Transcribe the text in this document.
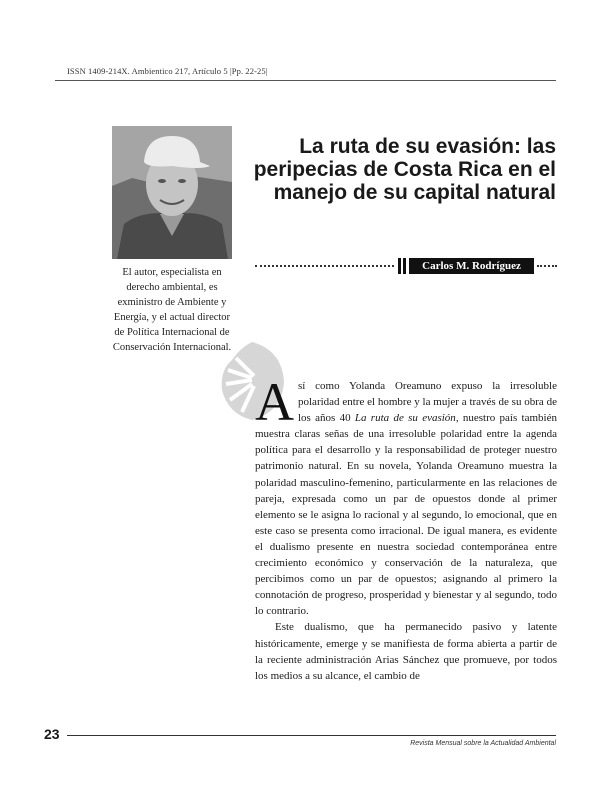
ISSN 1409-214X. Ambientico 217, Artículo 5 |Pp. 22-25|
El autor, especialista en derecho ambiental, es exministro de Ambiente y Energía, y el actual director de Política Internacional de Conservación Internacional.
La ruta de su evasión: las peripecias de Costa Rica en el manejo de su capital natural
Carlos M. Rodríguez

Así como Yolanda Oreamuno expuso la irresoluble polaridad entre el hombre y la mujer a través de su obra de los años 40 La ruta de su evasión, nuestro país también muestra claras señas de una irresoluble polaridad entre la agenda política para el desarrollo y la responsabilidad de proteger nuestro patrimonio natural. En su novela, Yolanda Oreamuno muestra la polaridad masculino-femenino, particularmente en las relaciones de pareja, expresada como un par de opuestos donde al primer elemento se le asigna lo racional y al segundo, lo emocional, que en este caso se presenta como irracional. De igual manera, es evidente el dualismo presente en nuestra sociedad contemporánea entre crecimiento económico y conservación de la naturaleza, que percibimos como un par de opuestos; asignando al primero la connotación de progreso, prosperidad y bienestar y al segundo, todo lo contrario.

Este dualismo, que ha permanecido pasivo y latente históricamente, emerge y se manifiesta de forma abierta a partir de la reciente administración Arias Sánchez que promueve, por todos los medios a su alcance, el cambio de

23
Revista Mensual sobre la Actualidad Ambiental
